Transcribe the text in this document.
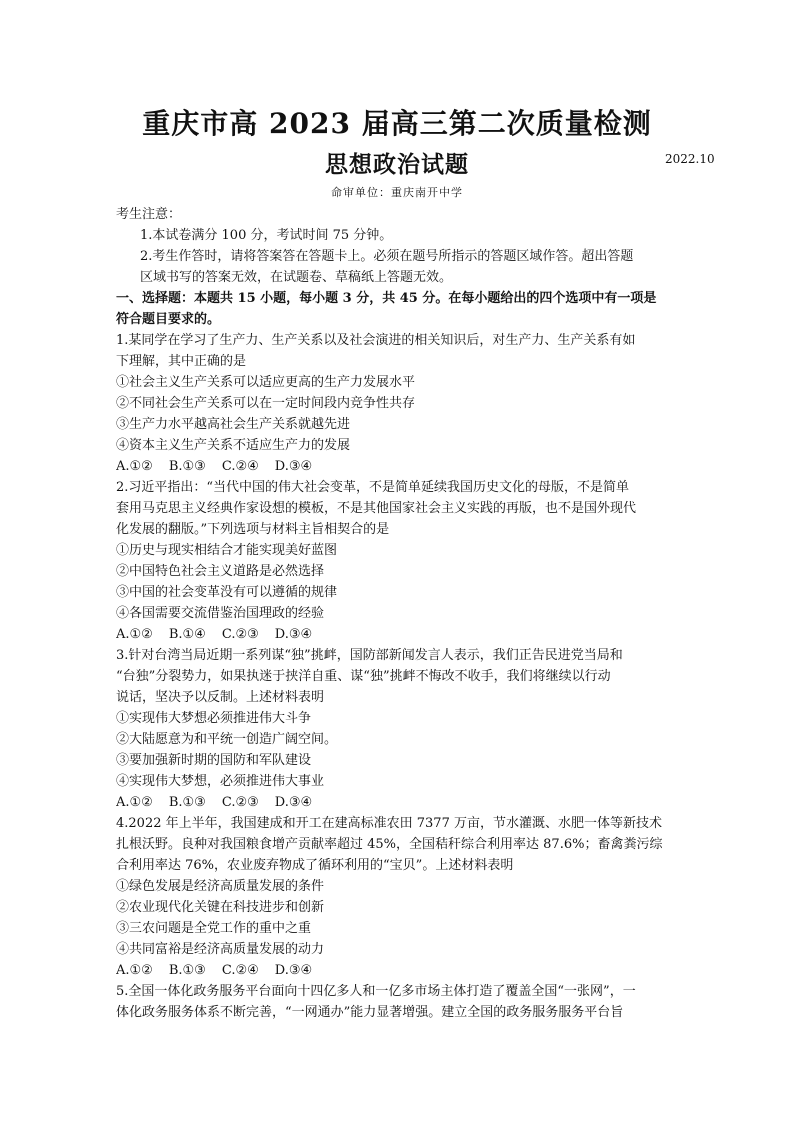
重庆市高 2023 届高三第二次质量检测
思想政治试题	2022.10
命审单位：重庆南开中学
考生注意：
1.本试卷满分 100 分，考试时间 75 分钟。
2.考生作答时，请将答案答在答题卡上。必须在题号所指示的答题区域作答。超出答题
区域书写的答案无效，在试题卷、草稿纸上答题无效。
一、选择题：本题共 15 小题，每小题 3 分，共 45 分。在每小题给出的四个选项中有一项是
符合题目要求的。
1.某同学在学习了生产力、生产关系以及社会演进的相关知识后，对生产力、生产关系有如
下理解，其中正确的是
①社会主义生产关系可以适应更高的生产力发展水平
②不同社会生产关系可以在一定时间段内竞争性共存
③生产力水平越高社会生产关系就越先进
④资本主义生产关系不适应生产力的发展
A.①② B.①③ C.②④ D.③④
2.习近平指出：“当代中国的伟大社会变革，不是简单延续我国历史文化的母版，不是简单
套用马克思主义经典作家设想的模板，不是其他国家社会主义实践的再版，也不是国外现代
化发展的翻版。”下列选项与材料主旨相契合的是
①历史与现实相结合才能实现美好蓝图
②中国特色社会主义道路是必然选择
③中国的社会变革没有可以遵循的规律
④各国需要交流借鉴治国理政的经验
A.①② B.①④ C.②③ D.③④
3.针对台湾当局近期一系列谋“独”挑衅，国防部新闻发言人表示，我们正告民进党当局和
“台独”分裂势力，如果执迷于挟洋自重、谋“独”挑衅不悔改不收手，我们将继续以行动
说话，坚决予以反制。上述材料表明
①实现伟大梦想必须推进伟大斗争
②大陆愿意为和平统一创造广阔空间。
③要加强新时期的国防和军队建设
④实现伟大梦想，必须推进伟大事业
A.①② B.①③ C.②③ D.③④
4.2022 年上半年，我国建成和开工在建高标准农田 7377 万亩，节水灌溉、水肥一体等新技术
扎根沃野。良种对我国粮食增产贡献率超过 45%，全国秸秆综合利用率达 87.6%；畜禽粪污综
合利用率达 76%，农业废弃物成了循环利用的“宝贝”。上述材料表明
①绿色发展是经济高质量发展的条件
②农业现代化关键在科技进步和创新
③三农问题是全党工作的重中之重
④共同富裕是经济高质量发展的动力
A.①② B.①③ C.②④ D.③④
5.全国一体化政务服务平台面向十四亿多人和一亿多市场主体打造了覆盖全国“一张网”，一
体化政务服务体系不断完善，“一网通办”能力显著增强。建立全国的政务服务服务平台旨
